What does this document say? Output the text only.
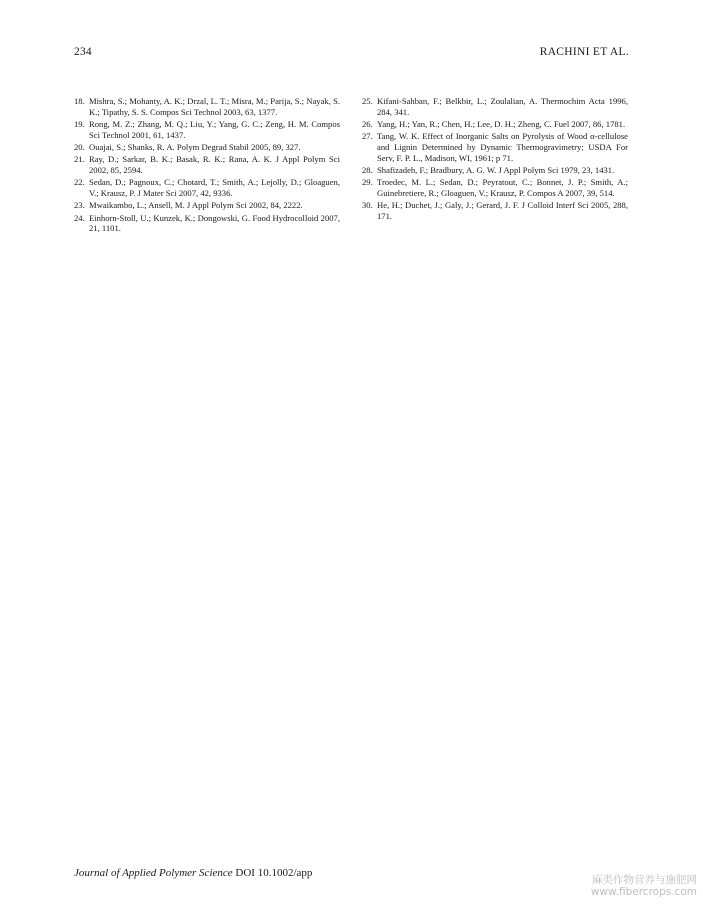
234	RACHINI ET AL.
18. Mishra, S.; Mohanty, A. K.; Drzal, L. T.; Misra, M.; Parija, S.; Nayak, S. K.; Tipathy, S. S. Compos Sci Technol 2003, 63, 1377.
19. Rong, M. Z.; Zhang, M. Q.; Liu, Y.; Yang, G. C.; Zeng, H. M. Compos Sci Technol 2001, 61, 1437.
20. Ouajai, S.; Shanks, R. A. Polym Degrad Stabil 2005, 89, 327.
21. Ray, D.; Sarkar, B. K.; Basak, R. K.; Rana, A. K. J Appl Polym Sci 2002, 85, 2594.
22. Sedan, D.; Pagnoux, C.; Chotard, T.; Smith, A.; Lejolly, D.; Gloaguen, V.; Krausz, P. J Mater Sci 2007, 42, 9336.
23. Mwaikambo, L.; Ansell, M. J Appl Polym Sci 2002, 84, 2222.
24. Einhorn-Stoll, U.; Kunzek, K.; Dongowski, G. Food Hydrocolloid 2007, 21, 1101.
25. Kifani-Sahban, F.; Belkbir, L.; Zoulalian, A. Thermochim Acta 1996, 284, 341.
26. Yang, H.; Yan, R.; Chen, H.; Lee, D. H.; Zheng, C. Fuel 2007, 86, 1781.
27. Tang, W. K. Effect of Inorganic Salts on Pyrolysis of Wood α-cellulose and Lignin Determined by Dynamic Thermogravimetry; USDA For Serv, F. P. L., Madison, WI, 1961; p 71.
28. Shafizadeh, F.; Bradbury, A. G. W. J Appl Polym Sci 1979, 23, 1431.
29. Troedec, M. L.; Sedan, D.; Peyratout, C.; Bonnet, J. P.; Smith, A.; Guinebretiere, R.; Gloaguen, V.; Krausz, P. Compos A 2007, 39, 514.
30. He, H.; Duchet, J.; Galy, J.; Gerard, J. F. J Colloid Interf Sci 2005, 288, 171.
Journal of Applied Polymer Science DOI 10.1002/app
麻类作物营养与施肥网
www.fibercrops.com
